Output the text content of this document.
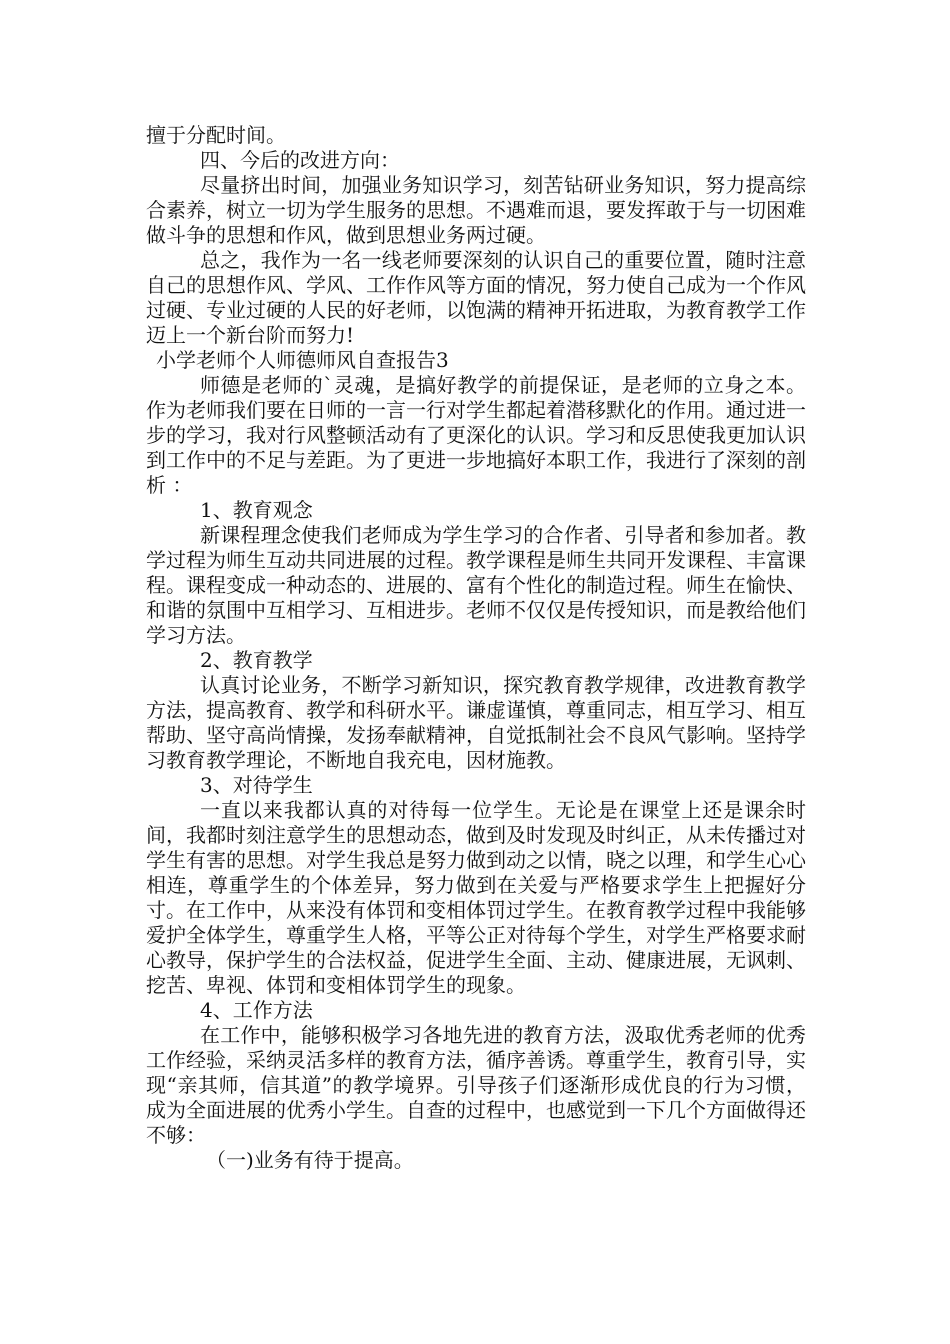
擅于分配时间。

四、今后的改进方向：

尽量挤出时间，加强业务知识学习，刻苦钻研业务知识，努力提高综合素养，树立一切为学生服务的思想。不遇难而退，要发挥敢于与一切困难做斗争的思想和作风，做到思想业务两过硬。

总之，我作为一名一线老师要深刻的认识自己的重要位置，随时注意自己的思想作风、学风、工作作风等方面的情况，努力使自己成为一个作风过硬、专业过硬的人民的好老师，以饱满的精神开拓进取，为教育教学工作迈上一个新台阶而努力!

小学老师个人师德师风自查报告3

师德是老师的`灵魂，是搞好教学的前提保证，是老师的立身之本。作为老师我们要在日师的一言一行对学生都起着潜移默化的作用。通过进一步的学习，我对行风整顿活动有了更深化的认识。学习和反思使我更加认识到工作中的不足与差距。为了更进一步地搞好本职工作，我进行了深刻的剖析 ：

1、教育观念

新课程理念使我们老师成为学生学习的合作者、引导者和参加者。教学过程为师生互动共同进展的过程。教学课程是师生共同开发课程、丰富课程。课程变成一种动态的、进展的、富有个性化的制造过程。师生在愉快、和谐的氛围中互相学习、互相进步。老师不仅仅是传授知识，而是教给他们学习方法。

2、教育教学

认真讨论业务，不断学习新知识，探究教育教学规律，改进教育教学方法，提高教育、教学和科研水平。谦虚谨慎，尊重同志，相互学习、相互帮助、坚守高尚情操，发扬奉献精神，自觉抵制社会不良风气影响。坚持学习教育教学理论，不断地自我充电，因材施教。

3、对待学生

一直以来我都认真的对待每一位学生。无论是在课堂上还是课余时间，我都时刻注意学生的思想动态，做到及时发现及时纠正，从未传播过对学生有害的思想。对学生我总是努力做到动之以情，晓之以理，和学生心心相连，尊重学生的个体差异，努力做到在关爱与严格要求学生上把握好分寸。在工作中，从来没有体罚和变相体罚过学生。在教育教学过程中我能够爱护全体学生，尊重学生人格，平等公正对待每个学生，对学生严格要求耐心教导，保护学生的合法权益，促进学生全面、主动、健康进展，无讽刺、挖苦、卑视、体罚和变相体罚学生的现象。

4、工作方法

在工作中，能够积极学习各地先进的教育方法，汲取优秀老师的优秀工作经验，采纳灵活多样的教育方法，循序善诱。尊重学生，教育引导，实现“亲其师，信其道”的教学境界。引导孩子们逐渐形成优良的行为习惯，成为全面进展的优秀小学生。自查的过程中，也感觉到一下几个方面做得还不够：

（一)业务有待于提高。
